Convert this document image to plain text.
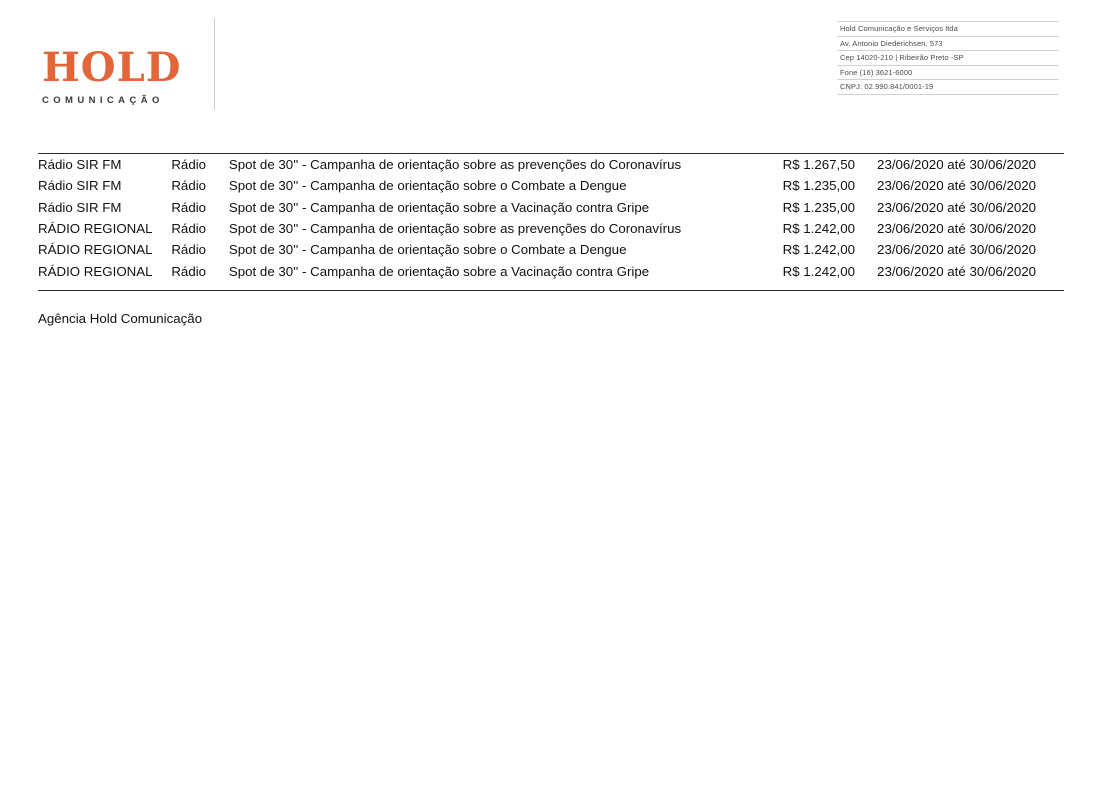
HOLD
COMUNICAÇÃO
Hold Comunicação e Serviços ltda
Av. Antonio Diederichsen, 573
Cep 14020-210 | Ribeirão Preto -SP
Fone (16) 3621-6000
CNPJ: 02.990.841/0001-19
Rádio SIR FM	Rádio	Spot de 30'' - Campanha de orientação sobre as prevenções do Coronavírus	R$ 1.267,50	23/06/2020 até 30/06/2020
Rádio SIR FM	Rádio	Spot de 30'' - Campanha de orientação sobre o Combate a Dengue	R$ 1.235,00	23/06/2020 até 30/06/2020
Rádio SIR FM	Rádio	Spot de 30'' - Campanha de orientação sobre a Vacinação contra Gripe	R$ 1.235,00	23/06/2020 até 30/06/2020
RÁDIO REGIONAL	Rádio	Spot de 30'' - Campanha de orientação sobre as prevenções do Coronavírus	R$ 1.242,00	23/06/2020 até 30/06/2020
RÁDIO REGIONAL	Rádio	Spot de 30'' - Campanha de orientação sobre o Combate a Dengue	R$ 1.242,00	23/06/2020 até 30/06/2020
RÁDIO REGIONAL	Rádio	Spot de 30'' - Campanha de orientação sobre a Vacinação contra Gripe	R$ 1.242,00	23/06/2020 até 30/06/2020
Agência Hold Comunicação
